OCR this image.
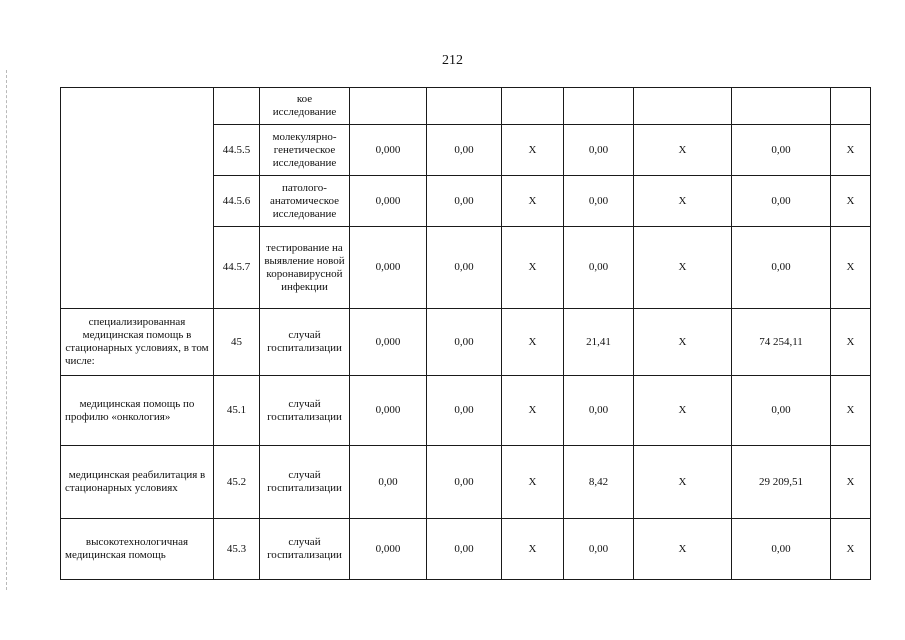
212
		кое исследование							
	44.5.5	молекулярно-генетическое исследование	0,000	0,00	X	0,00	X	0,00	X
	44.5.6	патолого-анатомическое исследование	0,000	0,00	X	0,00	X	0,00	X
	44.5.7	тестирование на выявление новой коронавирусной инфекции	0,000	0,00	X	0,00	X	0,00	X
специализированная медицинская помощь в стационарных условиях, в том числе:	45	случай госпитализации	0,000	0,00	X	21,41	X	74 254,11	X
медицинская помощь по профилю «онкология»	45.1	случай госпитализации	0,000	0,00	X	0,00	X	0,00	X
медицинская реабилитация в стационарных условиях	45.2	случай госпитализации	0,00	0,00	X	8,42	X	29 209,51	X
высокотехнологичная медицинская помощь	45.3	случай госпитализации	0,000	0,00	X	0,00	X	0,00	X
